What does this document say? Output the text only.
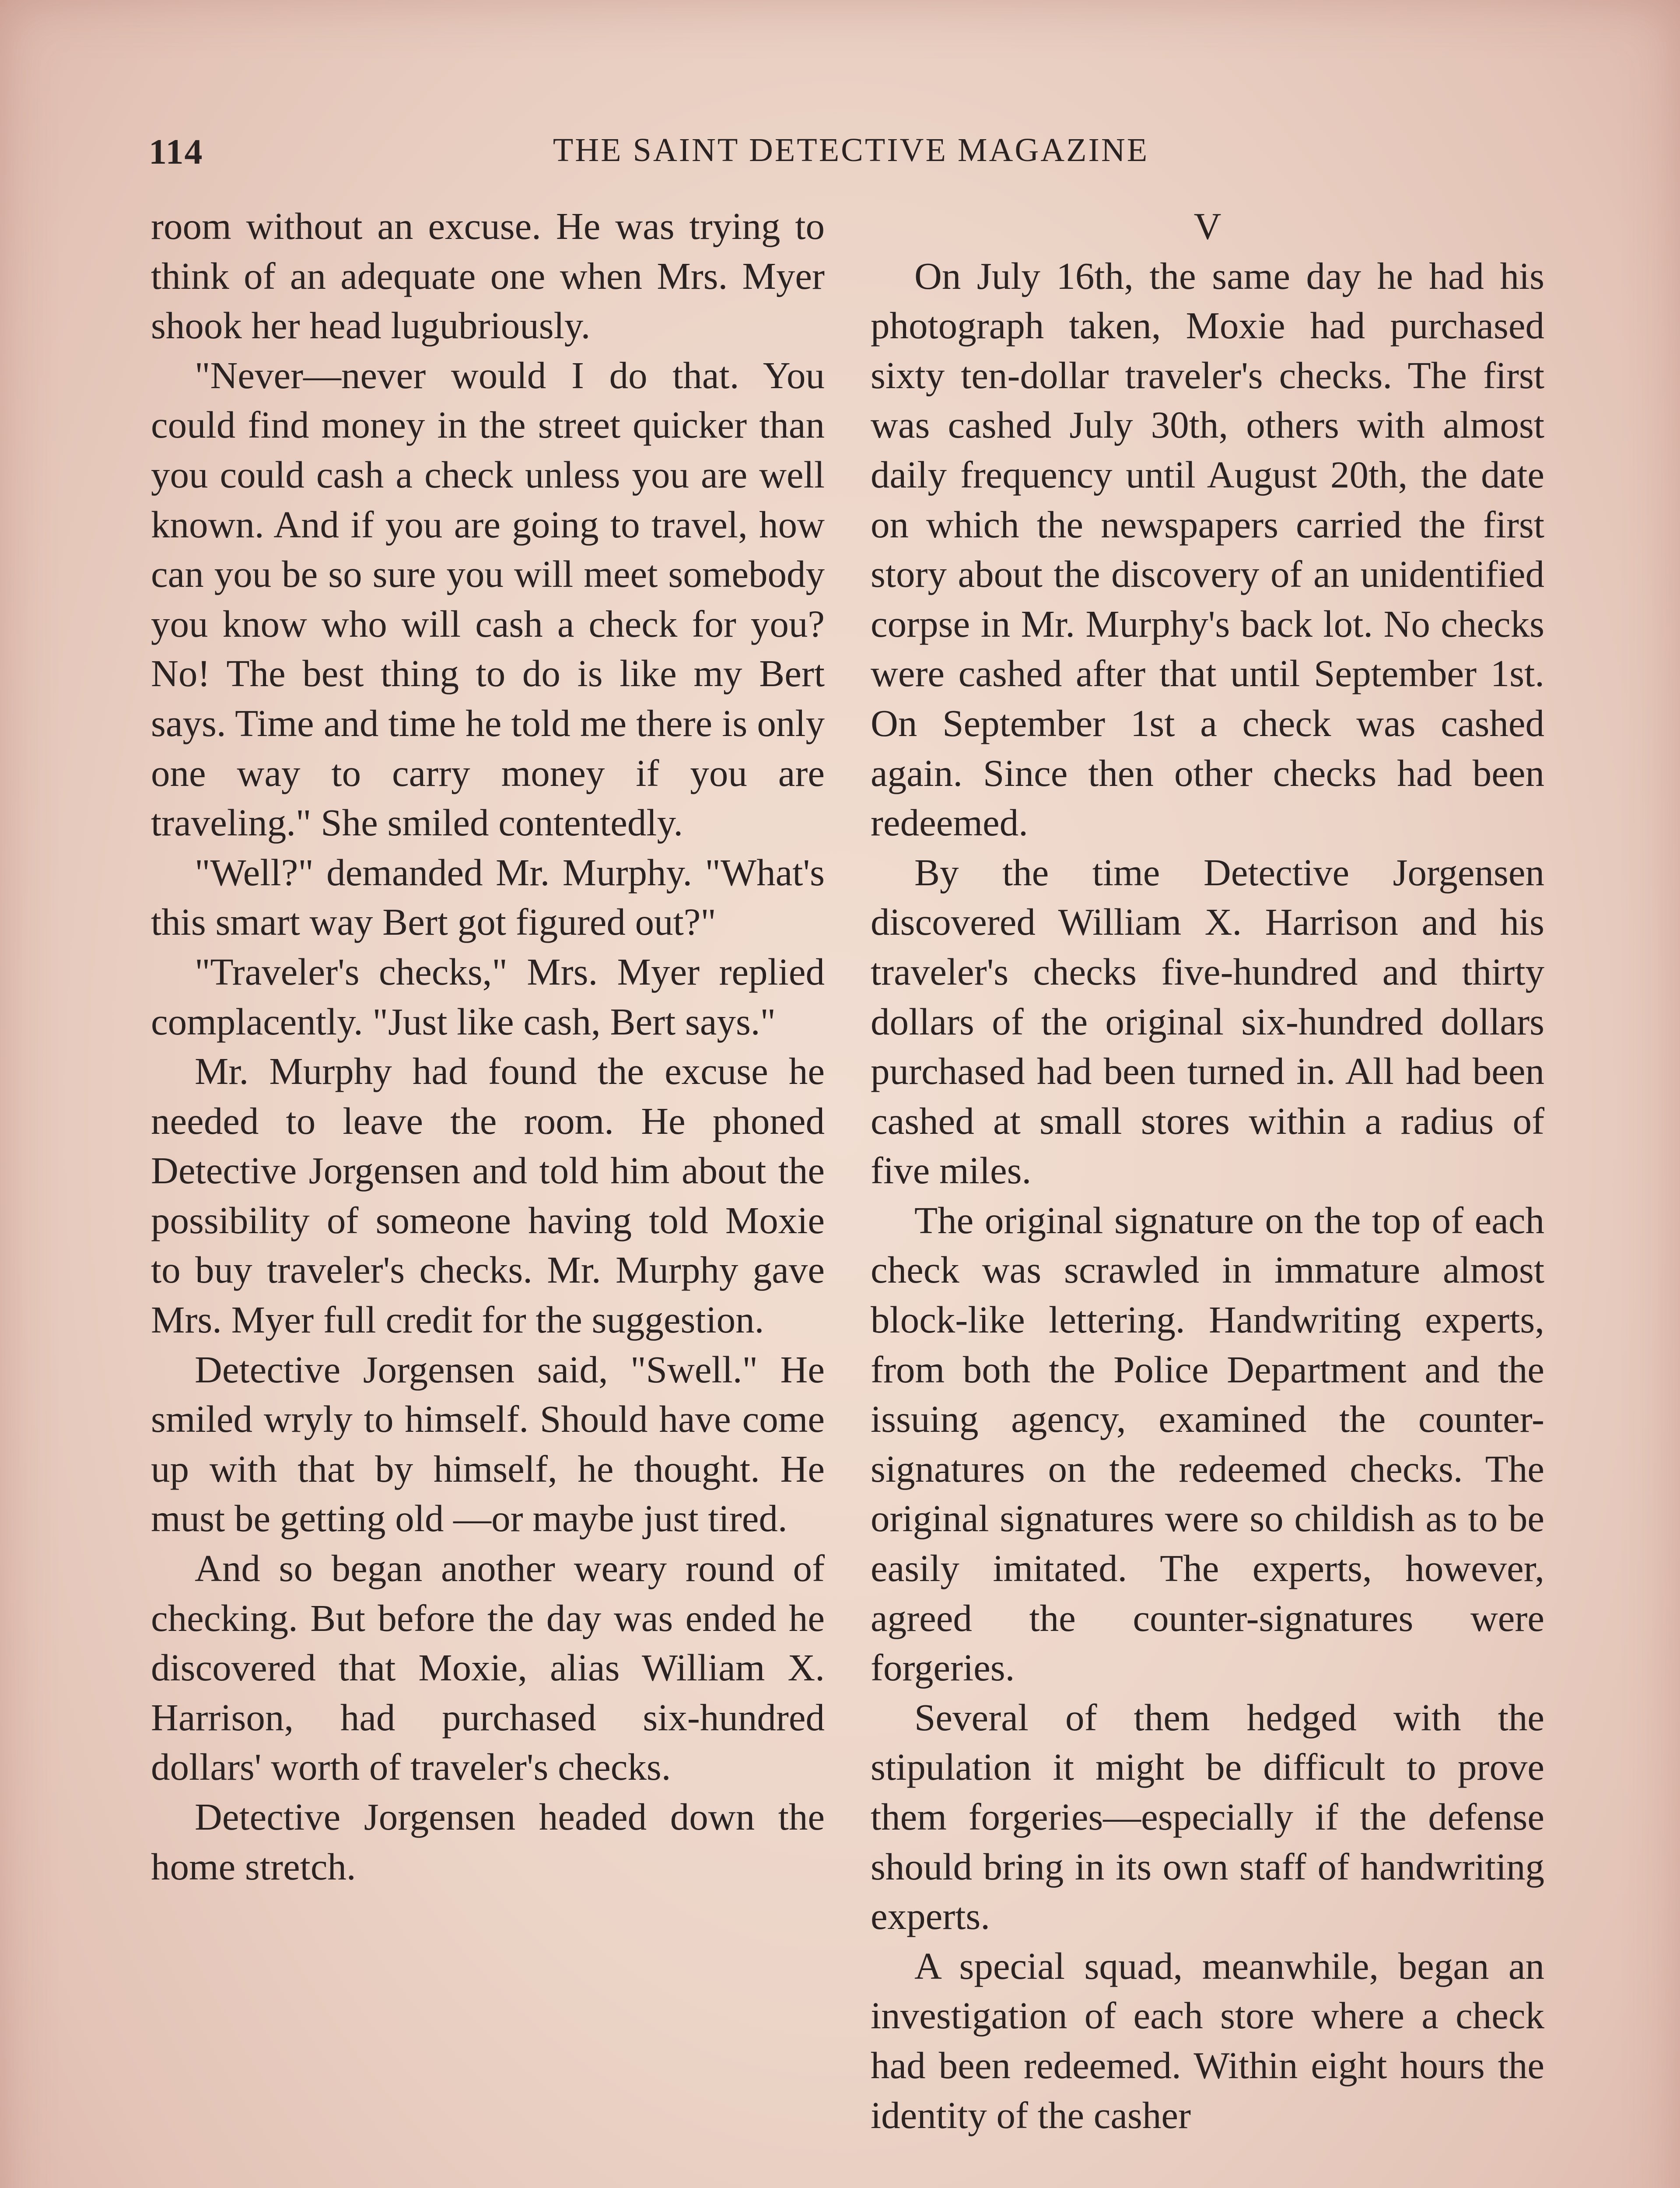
114	THE SAINT DETECTIVE MAGAZINE

room without an excuse. He was trying to think of an adequate one when Mrs. Myer shook her head lugubriously.

"Never—never would I do that. You could find money in the street quicker than you could cash a check unless you are well known. And if you are going to travel, how can you be so sure you will meet somebody you know who will cash a check for you? No! The best thing to do is like my Bert says. Time and time he told me there is only one way to carry money if you are traveling." She smiled contentedly.

"Well?" demanded Mr. Murphy. "What's this smart way Bert got figured out?"

"Traveler's checks," Mrs. Myer replied complacently. "Just like cash, Bert says."

Mr. Murphy had found the excuse he needed to leave the room. He phoned Detective Jorgensen and told him about the possibility of someone having told Moxie to buy traveler's checks. Mr. Murphy gave Mrs. Myer full credit for the suggestion.

Detective Jorgensen said, "Swell." He smiled wryly to himself. Should have come up with that by himself, he thought. He must be getting old —or maybe just tired.

And so began another weary round of checking. But before the day was ended he discovered that Moxie, alias William X. Harrison, had purchased six-hundred dollars' worth of traveler's checks.

Detective Jorgensen headed down the home stretch.

V

On July 16th, the same day he had his photograph taken, Moxie had purchased sixty ten-dollar traveler's checks. The first was cashed July 30th, others with almost daily frequency until August 20th, the date on which the newspapers carried the first story about the discovery of an unidentified corpse in Mr. Murphy's back lot. No checks were cashed after that until September 1st. On September 1st a check was cashed again. Since then other checks had been redeemed.

By the time Detective Jorgensen discovered William X. Harrison and his traveler's checks five-hundred and thirty dollars of the original six-hundred dollars purchased had been turned in. All had been cashed at small stores within a radius of five miles.

The original signature on the top of each check was scrawled in immature almost block-like lettering. Handwriting experts, from both the Police Department and the issuing agency, examined the counter-signatures on the redeemed checks. The original signatures were so childish as to be easily imitated. The experts, however, agreed the counter-signatures were forgeries.

Several of them hedged with the stipulation it might be difficult to prove them forgeries—especially if the defense should bring in its own staff of handwriting experts.

A special squad, meanwhile, began an investigation of each store where a check had been redeemed. Within eight hours the identity of the casher
